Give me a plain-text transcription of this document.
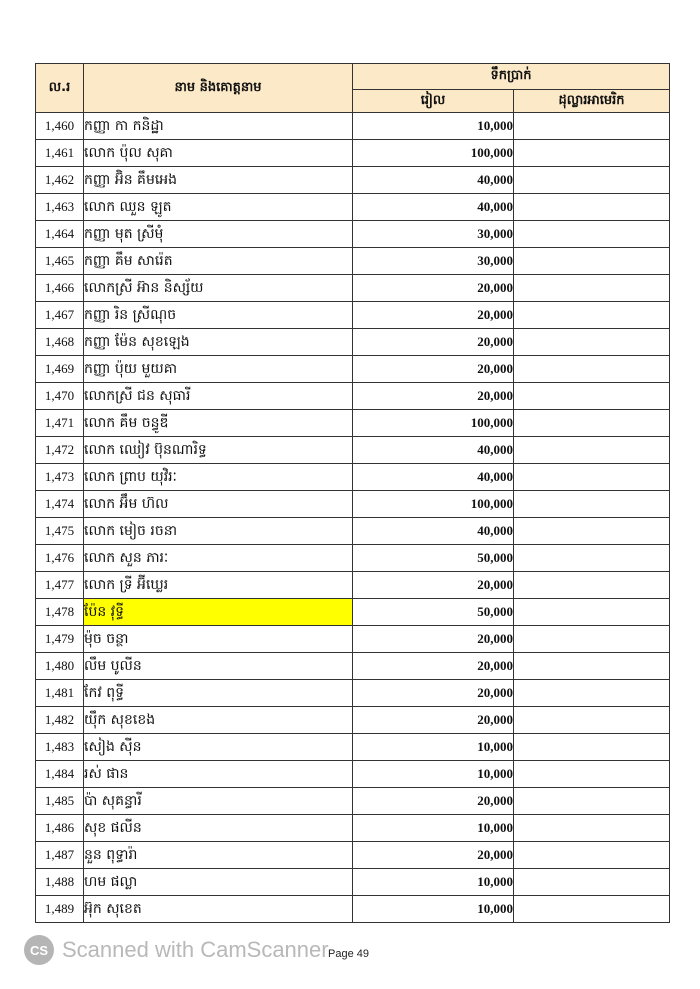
ល.រ	នាម និងគោត្តនាម	ទឹកប្រាក់	
		រៀល	ដុល្លារអាមេរិក
1,460	កញ្ញា កា កនិដ្ឋា	10,000	
1,461	លោក ប៉ុល សុគា	100,000	
1,462	កញ្ញា អ៊ិន គឹមអេង	40,000	
1,463	លោក ឈួន ឡូត	40,000	
1,464	កញ្ញា មុត ស្រីមុំ	30,000	
1,465	កញ្ញា គឹម សារ៉េត	30,000	
1,466	លោកស្រី អ៊ាន និស្ស័យ	20,000	
1,467	កញ្ញា រិន ស្រីណុច	20,000	
1,468	កញ្ញា ម៉ែន សុខឡេង	20,000	
1,469	កញ្ញា ប៉ុយ មួយគា	20,000	
1,470	លោកស្រី ជន សុធារី	20,000	
1,471	លោក គឹម ចន្ធូឌី	100,000	
1,472	លោក ឈៀវ ប៊ុនណារិទ្ធ	40,000	
1,473	លោក ព្រាប យុវិរៈ	40,000	
1,474	លោក អ៊ឹម ហ៊ល	100,000	
1,475	លោក មៀច រចនា	40,000	
1,476	លោក សួន ភារៈ	50,000	
1,477	លោក ទ្រី អ៊ីឃ្លេរ	20,000	
1,478	ប៉ែន វុទ្ធី	50,000	
1,479	ម៉ុច ចន្ថា	20,000	
1,480	លឹម បូលីន	20,000	
1,481	កែវ ពុទ្ធី	20,000	
1,482	យ៉ឹក សុខខេង	20,000	
1,483	សៀង ស៊ីន	10,000	
1,484	រស់ ផាន	10,000	
1,485	ប៉ា សុគន្ធារី	20,000	
1,486	សុខ ផលីន	10,000	
1,487	នួន ពុទ្ធារ៉ា	20,000	
1,488	ហម ផល្លា	10,000	
1,489	អ៊ុក សុខេត	10,000	
CS Scanned with CamScanner Page 49
